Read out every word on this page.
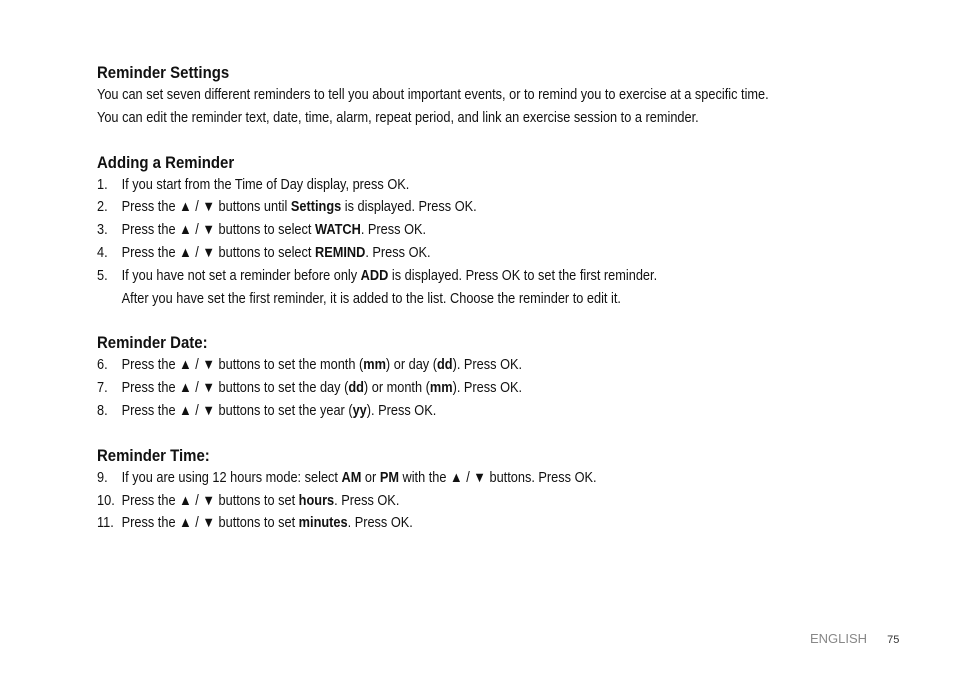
Reminder Settings

You can set seven different reminders to tell you about important events, or to remind you to exercise at a specific time.

You can edit the reminder text, date, time, alarm, repeat period, and link an exercise session to a reminder.

Adding a Reminder
1. If you start from the Time of Day display, press OK.
2. Press the ▲ / ▼ buttons until Settings is displayed. Press OK.
3. Press the ▲ / ▼ buttons to select WATCH. Press OK.
4. Press the ▲ / ▼ buttons to select REMIND. Press OK.
5. If you have not set a reminder before only ADD is displayed. Press OK to set the first reminder.

After you have set the first reminder, it is added to the list. Choose the reminder to edit it.

Reminder Date:
6. Press the ▲ / ▼ buttons to set the month (mm) or day (dd). Press OK.
7. Press the ▲ / ▼ buttons to set the day (dd) or month (mm). Press OK.
8. Press the ▲ / ▼ buttons to set the year (yy). Press OK.
Reminder Time:
9. If you are using 12 hours mode: select AM or PM with the ▲ / ▼ buttons. Press OK.
10. Press the ▲ / ▼ buttons to set hours. Press OK.
11. Press the ▲ / ▼ buttons to set minutes. Press OK.
ENGLISH 75
